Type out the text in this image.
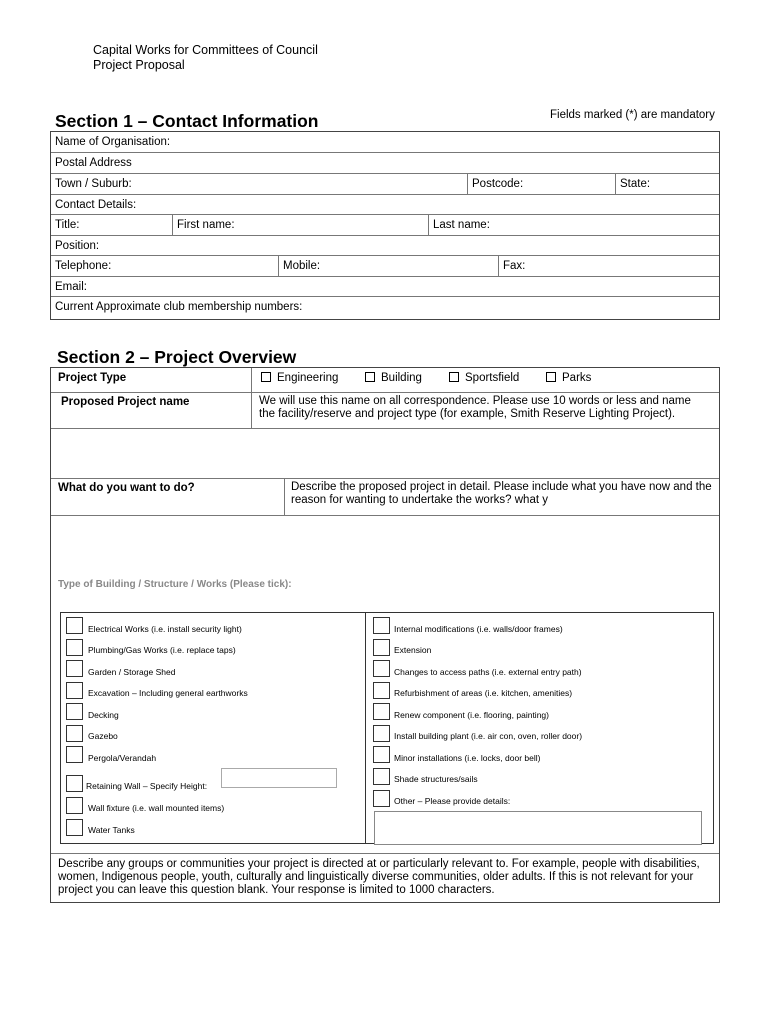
Capital Works for Committees of Council
Project Proposal
Section 1 – Contact Information	Fields marked (*) are mandatory
Name of Organisation:
Postal Address
Town / Suburb:	Postcode:	State:
Contact Details:
Title:	First name:	Last name:
Position:
Telephone:	Mobile:	Fax:
Email:
Current Approximate club membership numbers:
Section 2 – Project Overview
Project Type	Engineering	Building	Sportsfield	Parks
Proposed Project name	We will use this name on all correspondence. Please use 10 words or less and name the facility/reserve and project type (for example, Smith Reserve Lighting Project).
What do you want to do?	Describe the proposed project in detail. Please include what you have now and the reason for wanting to undertake the works? what y
Type of Building / Structure / Works (Please tick):
Electrical Works (i.e. install security light)
Plumbing/Gas Works (i.e. replace taps)
Garden / Storage Shed
Excavation – Including general earthworks
Decking
Gazebo
Pergola/Verandah
Retaining Wall – Specify Height:
Wall fixture (i.e. wall mounted items)
Water Tanks
Internal modifications (i.e. walls/door frames)
Extension
Changes to access paths (i.e. external entry path)
Refurbishment of areas (i.e. kitchen, amenities)
Renew component (i.e. flooring, painting)
Install building plant (i.e. air con, oven, roller door)
Minor installations (i.e. locks, door bell)
Shade structures/sails
Other – Please provide details:
Describe any groups or communities your project is directed at or particularly relevant to. For example, people with disabilities, women, Indigenous people, youth, culturally and linguistically diverse communities, older adults. If this is not relevant for your project you can leave this question blank. Your response is limited to 1000 characters.
